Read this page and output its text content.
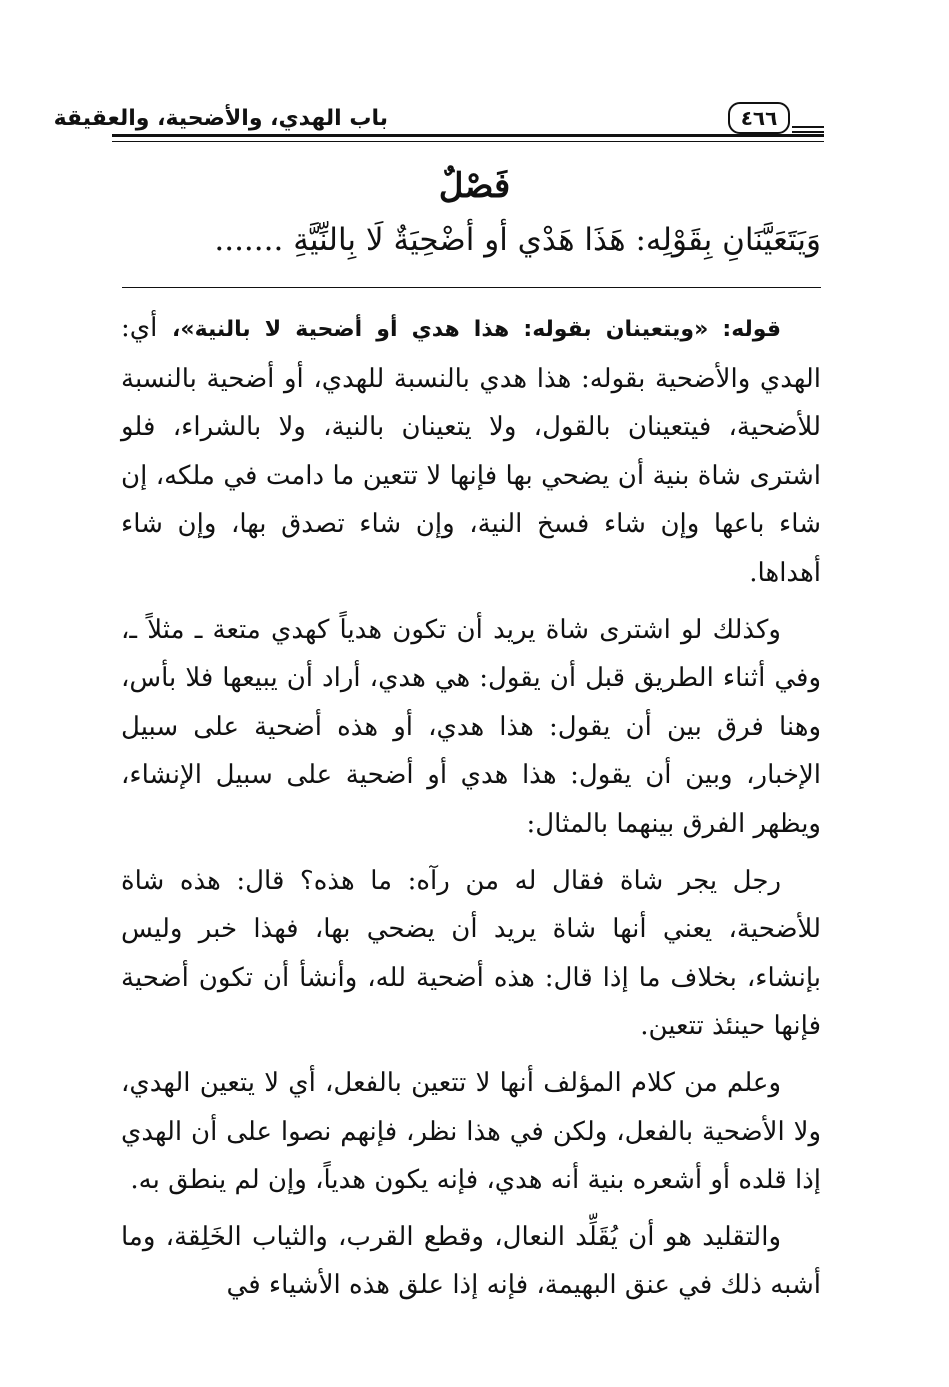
باب الهدي، والأضحية، والعقيقة	٤٦٦
فَصْلٌ
وَيَتَعَيَّنَانِ بِقَوْلِه: هَذَا هَدْي أو أضْحِيَةٌ لَا بِالنِّيَّةِ .......

قوله: «ويتعينان بقوله: هذا هدي أو أضحية لا بالنية»، أي: الهدي والأضحية بقوله: هذا هدي بالنسبة للهدي، أو أضحية بالنسبة للأضحية، فيتعينان بالقول، ولا يتعينان بالنية، ولا بالشراء، فلو اشترى شاة بنية أن يضحي بها فإنها لا تتعين ما دامت في ملكه، إن شاء باعها وإن شاء فسخ النية، وإن شاء تصدق بها، وإن شاء أهداها.

وكذلك لو اشترى شاة يريد أن تكون هدياً كهدي متعة ـ مثلاً ـ، وفي أثناء الطريق قبل أن يقول: هي هدي، أراد أن يبيعها فلا بأس، وهنا فرق بين أن يقول: هذا هدي، أو هذه أضحية على سبيل الإخبار، وبين أن يقول: هذا هدي أو أضحية على سبيل الإنشاء، ويظهر الفرق بينهما بالمثال:

رجل يجر شاة فقال له من رآه: ما هذه؟ قال: هذه شاة للأضحية، يعني أنها شاة يريد أن يضحي بها، فهذا خبر وليس بإنشاء، بخلاف ما إذا قال: هذه أضحية لله، وأنشأ أن تكون أضحية فإنها حينئذ تتعين.

وعلم من كلام المؤلف أنها لا تتعين بالفعل، أي لا يتعين الهدي، ولا الأضحية بالفعل، ولكن في هذا نظر، فإنهم نصوا على أن الهدي إذا قلده أو أشعره بنية أنه هدي، فإنه يكون هدياً، وإن لم ينطق به.

والتقليد هو أن يُقَلِّد النعال، وقطع القرب، والثياب الخَلِقة، وما أشبه ذلك في عنق البهيمة، فإنه إذا علق هذه الأشياء في
